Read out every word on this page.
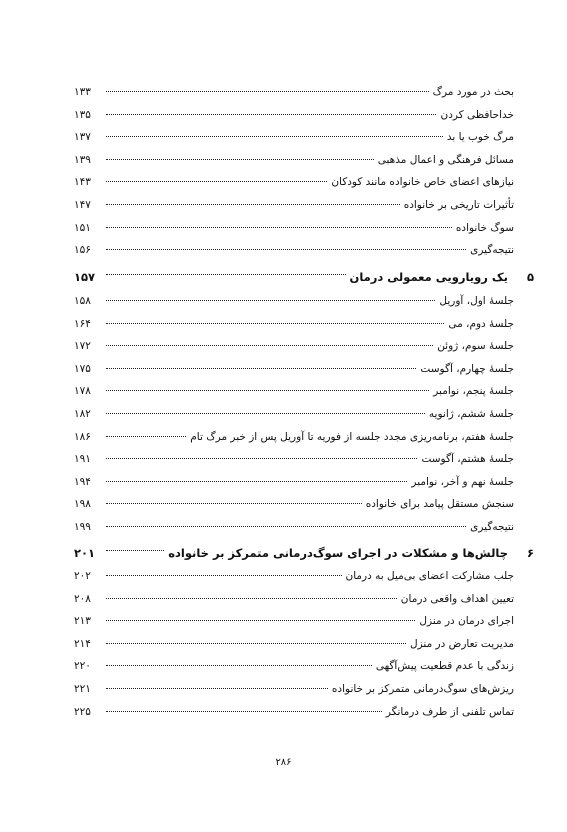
بحث در مورد مرگ
۱۳۳
خداحافظی کردن
۱۳۵
مرگ خوب یا بد
۱۳۷
مسائل فرهنگی و اعمال مذهبی
۱۳۹
نیازهای اعضای خاص خانواده مانند کودکان
۱۴۳
تأثیرات تاریخی بر خانواده
۱۴۷
سوگ خانواده
۱۵۱
نتیجه‌گیری
۱۵۶
۵
یک رویارویی معمولی درمان
۱۵۷
جلسهٔ اول، آوریل
۱۵۸
جلسهٔ دوم، می
۱۶۴
جلسهٔ سوم، ژوئن
۱۷۲
جلسهٔ چهارم، آگوست
۱۷۵
جلسهٔ پنجم، نوامبر
۱۷۸
جلسهٔ ششم، ژانویه
۱۸۲
جلسهٔ هفتم، برنامه‌ریزی مجدد جلسه از فوریه تا آوریل پس از خبر مرگ تام
۱۸۶
جلسهٔ هشتم، آگوست
۱۹۱
جلسهٔ نهم و آخر، نوامبر
۱۹۴
سنجش مستقل پیامد برای خانواده
۱۹۸
نتیجه‌گیری
۱۹۹
۶
چالش‌ها و مشکلات در اجرای سوگ‌درمانی متمرکز بر خانواده
۲۰۱
جلب مشارکت اعضای بی‌میل به درمان
۲۰۲
تعیین اهداف واقعی درمان
۲۰۸
اجرای درمان در منزل
۲۱۳
مدیریت تعارض در منزل
۲۱۴
زندگی با عدم قطعیت پیش‌آگهی
۲۲۰
ریزش‌های سوگ‌درمانی متمرکز بر خانواده
۲۲۱
تماس تلفنی از طرف درمانگر
۲۲۵
۲۸۶
